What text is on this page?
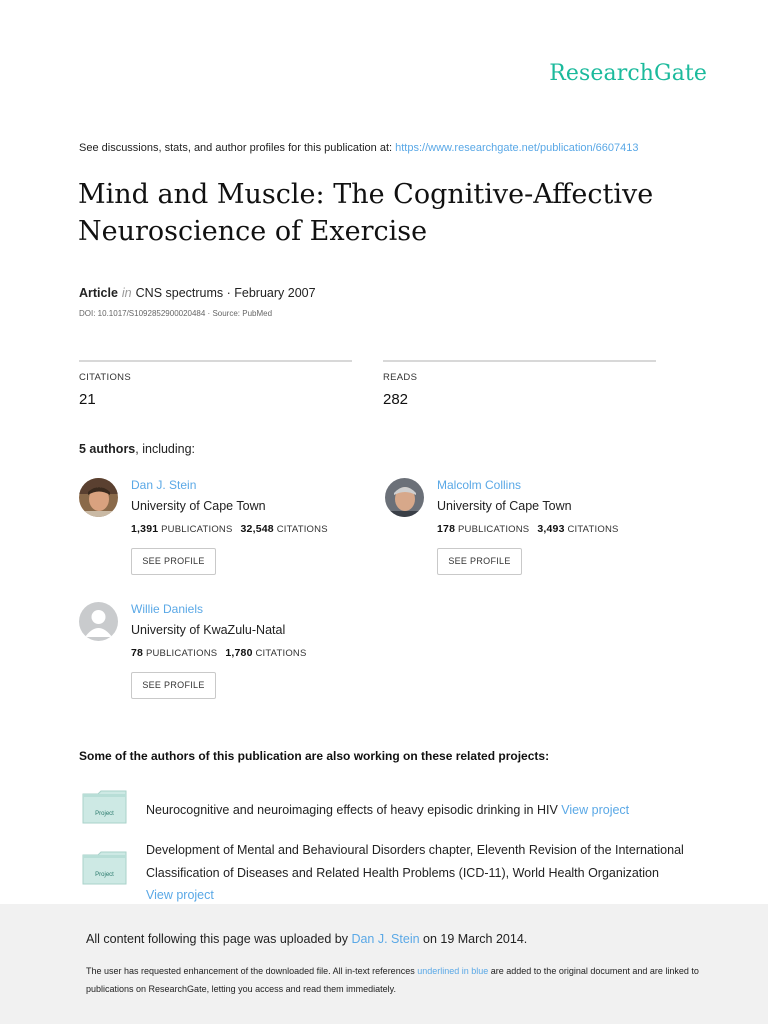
ResearchGate
See discussions, stats, and author profiles for this publication at: https://www.researchgate.net/publication/6607413
Mind and Muscle: The Cognitive-Affective Neuroscience of Exercise
Article in CNS spectrums · February 2007
DOI: 10.1017/S1092852900020484 · Source: PubMed
CITATIONS
21
READS
282
5 authors, including:
Dan J. Stein
University of Cape Town
1,391 PUBLICATIONS 32,548 CITATIONS
SEE PROFILE
Malcolm Collins
University of Cape Town
178 PUBLICATIONS 3,493 CITATIONS
SEE PROFILE
Willie Daniels
University of KwaZulu-Natal
78 PUBLICATIONS 1,780 CITATIONS
SEE PROFILE
Some of the authors of this publication are also working on these related projects:
Project	Neurocognitive and neuroimaging effects of heavy episodic drinking in HIV View project
Project
Development of Mental and Behavioural Disorders chapter, Eleventh Revision of the International Classification of Diseases and Related Health Problems (ICD-11), World Health Organization View project
All content following this page was uploaded by Dan J. Stein on 19 March 2014.
The user has requested enhancement of the downloaded file. All in-text references underlined in blue are added to the original document and are linked to publications on ResearchGate, letting you access and read them immediately.
